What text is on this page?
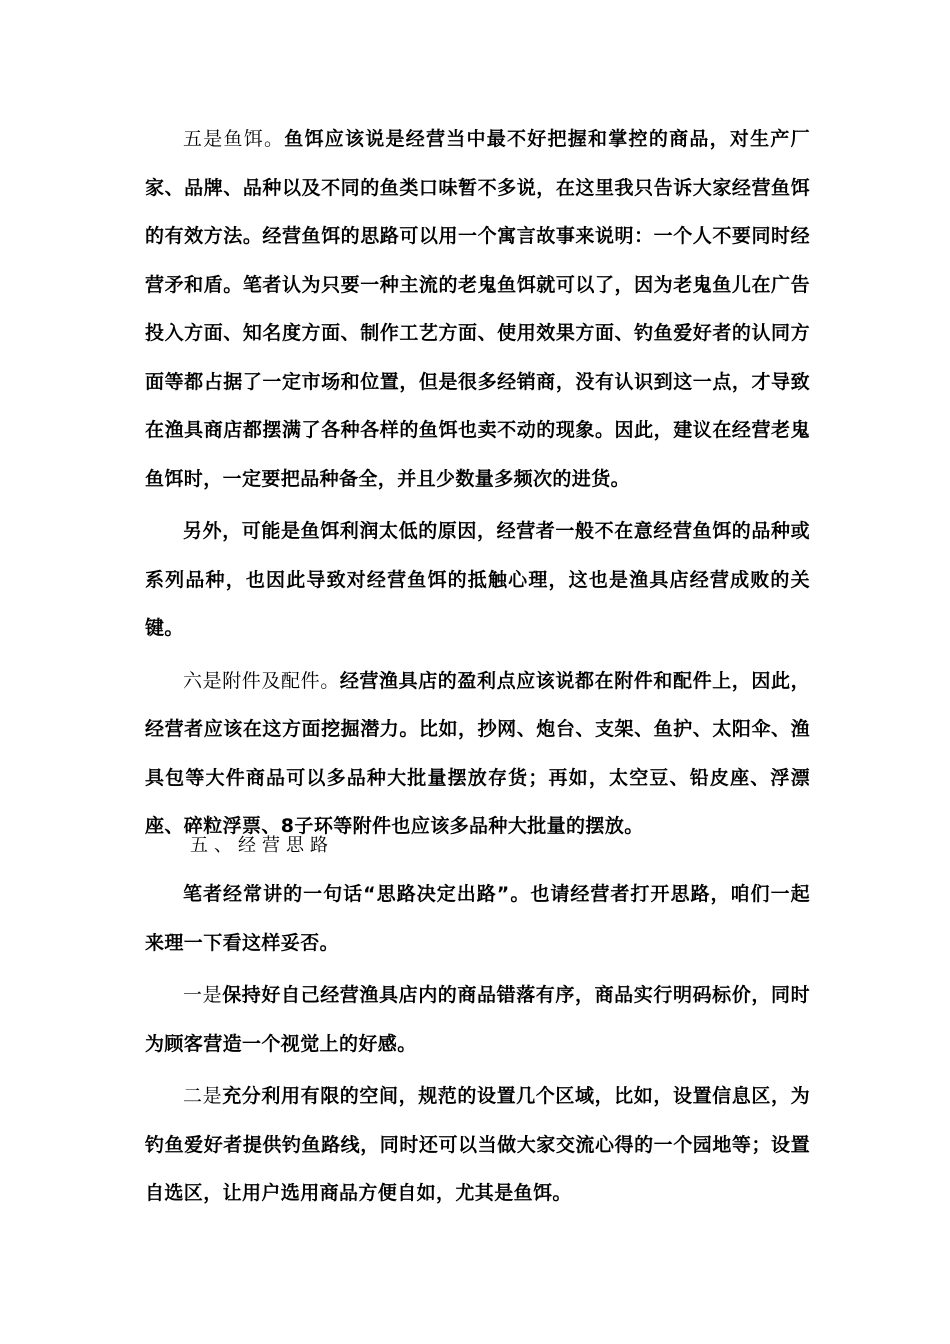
五是鱼饵。鱼饵应该说是经营当中最不好把握和掌控的商品，对生产厂家、品牌、品种以及不同的鱼类口味暂不多说，在这里我只告诉大家经营鱼饵的有效方法。经营鱼饵的思路可以用一个寓言故事来说明：一个人不要同时经营矛和盾。笔者认为只要一种主流的老鬼鱼饵就可以了，因为老鬼鱼儿在广告投入方面、知名度方面、制作工艺方面、使用效果方面、钓鱼爱好者的认同方面等都占据了一定市场和位置，但是很多经销商，没有认识到这一点，才导致在渔具商店都摆满了各种各样的鱼饵也卖不动的现象。因此，建议在经营老鬼鱼饵时，一定要把品种备全，并且少数量多频次的进货。

另外，可能是鱼饵利润太低的原因，经营者一般不在意经营鱼饵的品种或系列品种，也因此导致对经营鱼饵的抵触心理，这也是渔具店经营成败的关键。

六是附件及配件。经营渔具店的盈利点应该说都在附件和配件上，因此，经营者应该在这方面挖掘潜力。比如，抄网、炮台、支架、鱼护、太阳伞、渔具包等大件商品可以多品种大批量摆放存货；再如，太空豆、铅皮座、浮漂座、碎粒浮票、8子环等附件也应该多品种大批量的摆放。

五、经营思路

笔者经常讲的一句话“思路决定出路”。也请经营者打开思路，咱们一起来理一下看这样妥否。

一是保持好自己经营渔具店内的商品错落有序，商品实行明码标价，同时为顾客营造一个视觉上的好感。

二是充分利用有限的空间，规范的设置几个区域，比如，设置信息区，为钓鱼爱好者提供钓鱼路线，同时还可以当做大家交流心得的一个园地等；设置自选区，让用户选用商品方便自如，尤其是鱼饵。
